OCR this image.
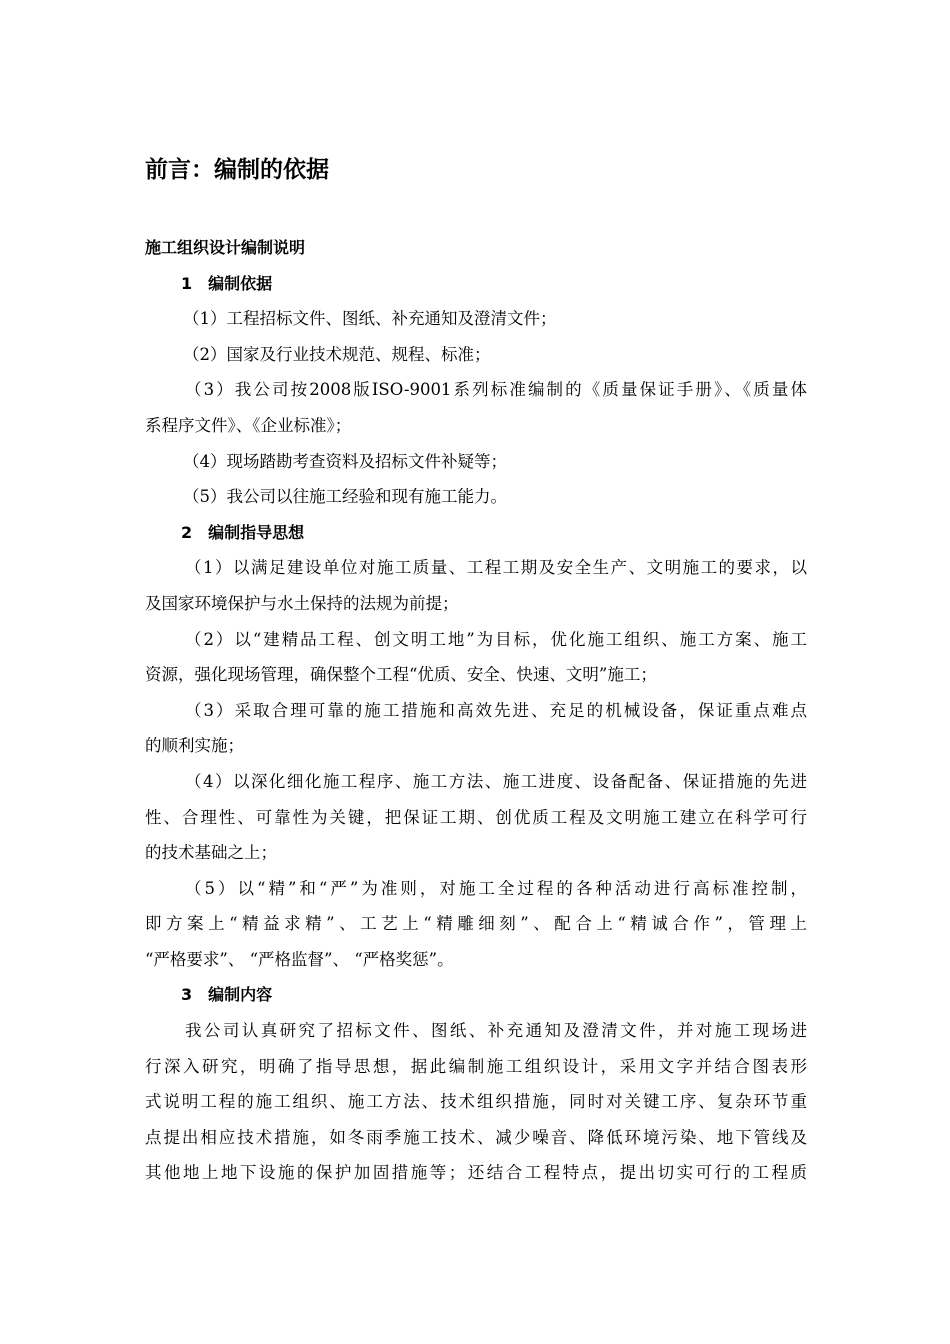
前言：编制的依据
施工组织设计编制说明
1　编制依据
（1）工程招标文件、图纸、补充通知及澄清文件；
（2）国家及行业技术规范、规程、标准；
（3）我公司按2008版ISO-9001系列标准编制的《质量保证手册》、《质量体
系程序文件》、《企业标准》；
（4）现场踏勘考查资料及招标文件补疑等；
（5）我公司以往施工经验和现有施工能力。
2　编制指导思想
（1）以满足建设单位对施工质量、工程工期及安全生产、文明施工的要求，以
及国家环境保护与水土保持的法规为前提；
（2）以“建精品工程、创文明工地”为目标，优化施工组织、施工方案、施工
资源，强化现场管理，确保整个工程“优质、安全、快速、文明”施工；
（3）采取合理可靠的施工措施和高效先进、充足的机械设备，保证重点难点
的顺利实施；
（4）以深化细化施工程序、施工方法、施工进度、设备配备、保证措施的先进
性、合理性、可靠性为关键，把保证工期、创优质工程及文明施工建立在科学可行
的技术基础之上；
（5）以“精”和“严”为准则，对施工全过程的各种活动进行高标准控制，
即方案上“精益求精”、工艺上“精雕细刻”、配合上“精诚合作”，管理上
“严格要求”、 “严格监督”、 “严格奖惩”。
3　编制内容
我公司认真研究了招标文件、图纸、补充通知及澄清文件，并对施工现场进
行深入研究，明确了指导思想，据此编制施工组织设计，采用文字并结合图表形
式说明工程的施工组织、施工方法、技术组织措施，同时对关键工序、复杂环节重
点提出相应技术措施，如冬雨季施工技术、减少噪音、降低环境污染、地下管线及
其他地上地下设施的保护加固措施等；还结合工程特点，提出切实可行的工程质
